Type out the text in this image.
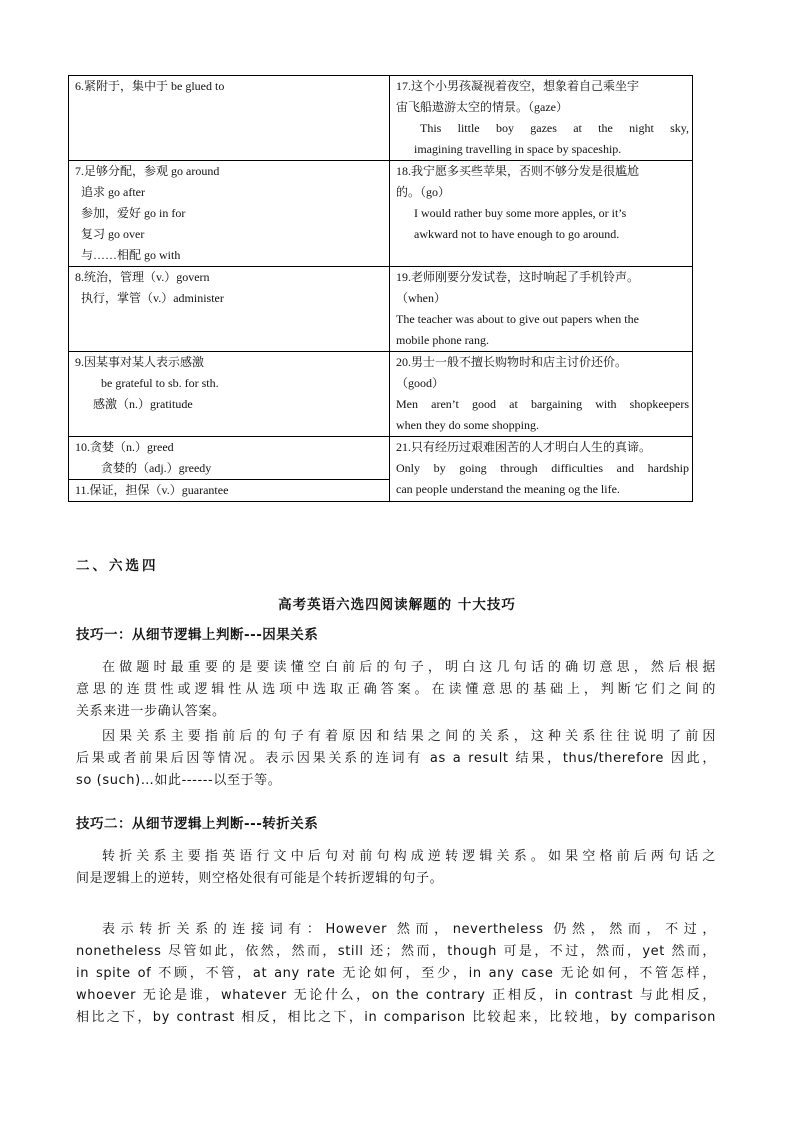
6.紧附于，集中于 be glued to	17.这个小男孩凝视着夜空，想象着自己乘坐宇
宙飞船遨游太空的情景。（gaze）
This little boy gazes at the night sky,
imagining travelling in space by spaceship.

7.足够分配，参观 go around
追求 go after
参加，爱好 go in for
复习 go over
与……相配 go with	18.我宁愿多买些苹果，否则不够分发是很尴尬
的。（go）
I would rather buy some more apples, or it’s
awkward not to have enough to go around.

8.统治，管理（v.）govern
执行，掌管（v.）administer	19.老师刚要分发试卷，这时响起了手机铃声。
（when）
The teacher was about to give out papers when the
mobile phone rang.

9.因某事对某人表示感激
be grateful to sb. for sth.
感激（n.）gratitude	20.男士一般不擅长购物时和店主讨价还价。
（good）
Men aren’t good at bargaining with shopkeepers
when they do some shopping.

10.贪婪（n.）greed
贪婪的（adj.）greedy	21.只有经历过艰难困苦的人才明白人生的真谛。
Only by going through difficulties and hardship
can people understand the meaning og the life.

11.保证，担保（v.）guarantee	
二、六选四
高考英语六选四阅读解题的 十大技巧
技巧一：从细节逻辑上判断---因果关系
在做题时最重要的是要读懂空白前后的句子，明白这几句话的确切意思，然后根据
意思的连贯性或逻辑性从选项中选取正确答案。在读懂意思的基础上，判断它们之间的
关系来进一步确认答案。
因果关系主要指前后的句子有着原因和结果之间的关系，这种关系往往说明了前因
后果或者前果后因等情况。表示因果关系的连词有 as a result 结果，thus/therefore 因此，
so (such)…如此------以至于等。
技巧二：从细节逻辑上判断---转折关系
转折关系主要指英语行文中后句对前句构成逆转逻辑关系。如果空格前后两句话之
间是逻辑上的逆转，则空格处很有可能是个转折逻辑的句子。
表示转折关系的连接词有：However 然而，nevertheless 仍然，然而，不过，
nonetheless 尽管如此，依然，然而，still 还；然而，though 可是，不过，然而，yet 然而，
in spite of 不顾，不管，at any rate 无论如何，至少，in any case 无论如何，不管怎样，
whoever 无论是谁，whatever 无论什么，on the contrary 正相反，in contrast 与此相反，
相比之下，by contrast 相反，相比之下，in comparison 比较起来，比较地，by comparison
